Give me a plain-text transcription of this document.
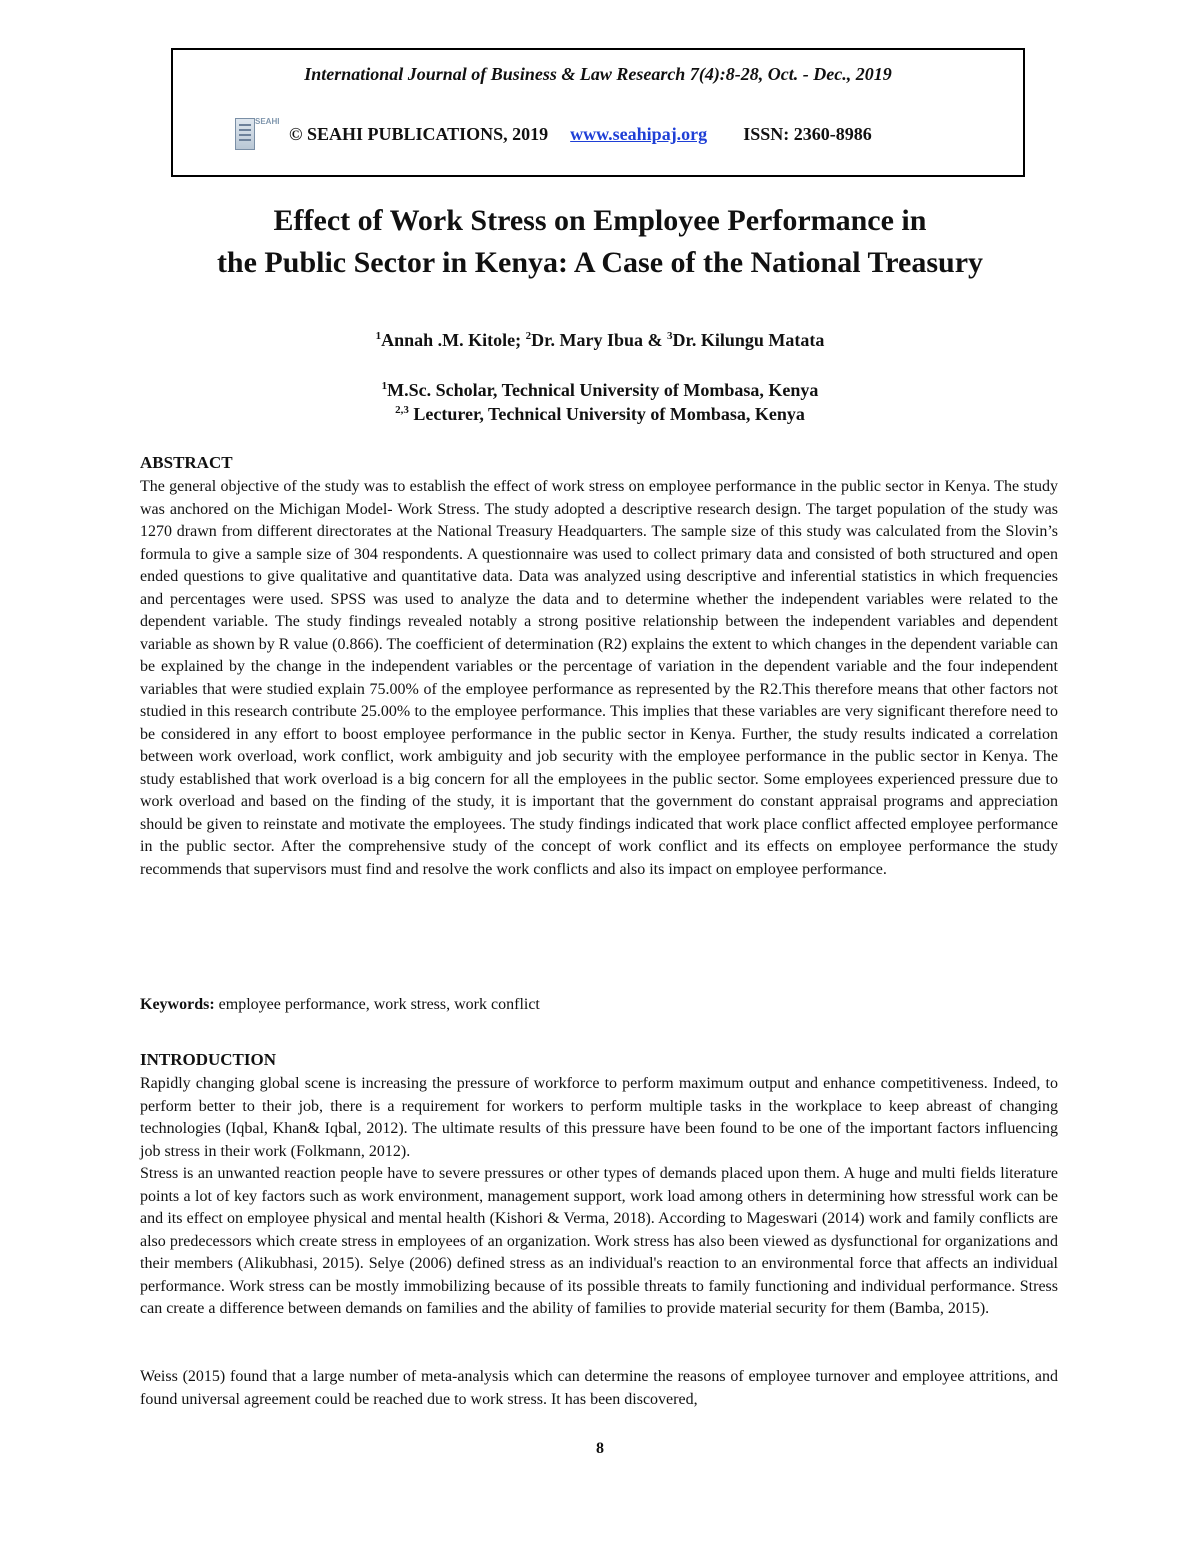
International Journal of Business & Law Research 7(4):8-28, Oct. - Dec., 2019
SEAHI
© SEAHI PUBLICATIONS, 2019 www.seahipaj.org ISSN: 2360-8986
Effect of Work Stress on Employee Performance in
the Public Sector in Kenya: A Case of the National Treasury
$^1$Annah .M. Kitole; $^2$Dr. Mary Ibua & $^3$Dr. Kilungu Matata
$^1$M.Sc. Scholar, Technical University of Mombasa, Kenya
$^{2,3}$ Lecturer, Technical University of Mombasa, Kenya
ABSTRACT

The general objective of the study was to establish the effect of work stress on employee performance in the public sector in Kenya. The study was anchored on the Michigan Model- Work Stress. The study adopted a descriptive research design. The target population of the study was 1270 drawn from different directorates at the National Treasury Headquarters. The sample size of this study was calculated from the Slovin’s formula to give a sample size of 304 respondents. A questionnaire was used to collect primary data and consisted of both structured and open ended questions to give qualitative and quantitative data. Data was analyzed using descriptive and inferential statistics in which frequencies and percentages were used. SPSS was used to analyze the data and to determine whether the independent variables were related to the dependent variable. The study findings revealed notably a strong positive relationship between the independent variables and dependent variable as shown by R value (0.866). The coefficient of determination (R2) explains the extent to which changes in the dependent variable can be explained by the change in the independent variables or the percentage of variation in the dependent variable and the four independent variables that were studied explain 75.00% of the employee performance as represented by the R2.This therefore means that other factors not studied in this research contribute 25.00% to the employee performance. This implies that these variables are very significant therefore need to be considered in any effort to boost employee performance in the public sector in Kenya. Further, the study results indicated a correlation between work overload, work conflict, work ambiguity and job security with the employee performance in the public sector in Kenya. The study established that work overload is a big concern for all the employees in the public sector. Some employees experienced pressure due to work overload and based on the finding of the study, it is important that the government do constant appraisal programs and appreciation should be given to reinstate and motivate the employees. The study findings indicated that work place conflict affected employee performance in the public sector. After the comprehensive study of the concept of work conflict and its effects on employee performance the study recommends that supervisors must find and resolve the work conflicts and also its impact on employee performance.

Keywords: employee performance, work stress, work conflict
INTRODUCTION

Rapidly changing global scene is increasing the pressure of workforce to perform maximum output and enhance competitiveness. Indeed, to perform better to their job, there is a requirement for workers to perform multiple tasks in the workplace to keep abreast of changing technologies (Iqbal, Khan& Iqbal, 2012). The ultimate results of this pressure have been found to be one of the important factors influencing job stress in their work (Folkmann, 2012).

Stress is an unwanted reaction people have to severe pressures or other types of demands placed upon them. A huge and multi fields literature points a lot of key factors such as work environment, management support, work load among others in determining how stressful work can be and its effect on employee physical and mental health (Kishori & Verma, 2018). According to Mageswari (2014) work and family conflicts are also predecessors which create stress in employees of an organization. Work stress has also been viewed as dysfunctional for organizations and their members (Alikubhasi, 2015). Selye (2006) defined stress as an individual's reaction to an environmental force that affects an individual performance. Work stress can be mostly immobilizing because of its possible threats to family functioning and individual performance. Stress can create a difference between demands on families and the ability of families to provide material security for them (Bamba, 2015).

Weiss (2015) found that a large number of meta-analysis which can determine the reasons of employee turnover and employee attritions, and found universal agreement could be reached due to work stress. It has been discovered,

8
